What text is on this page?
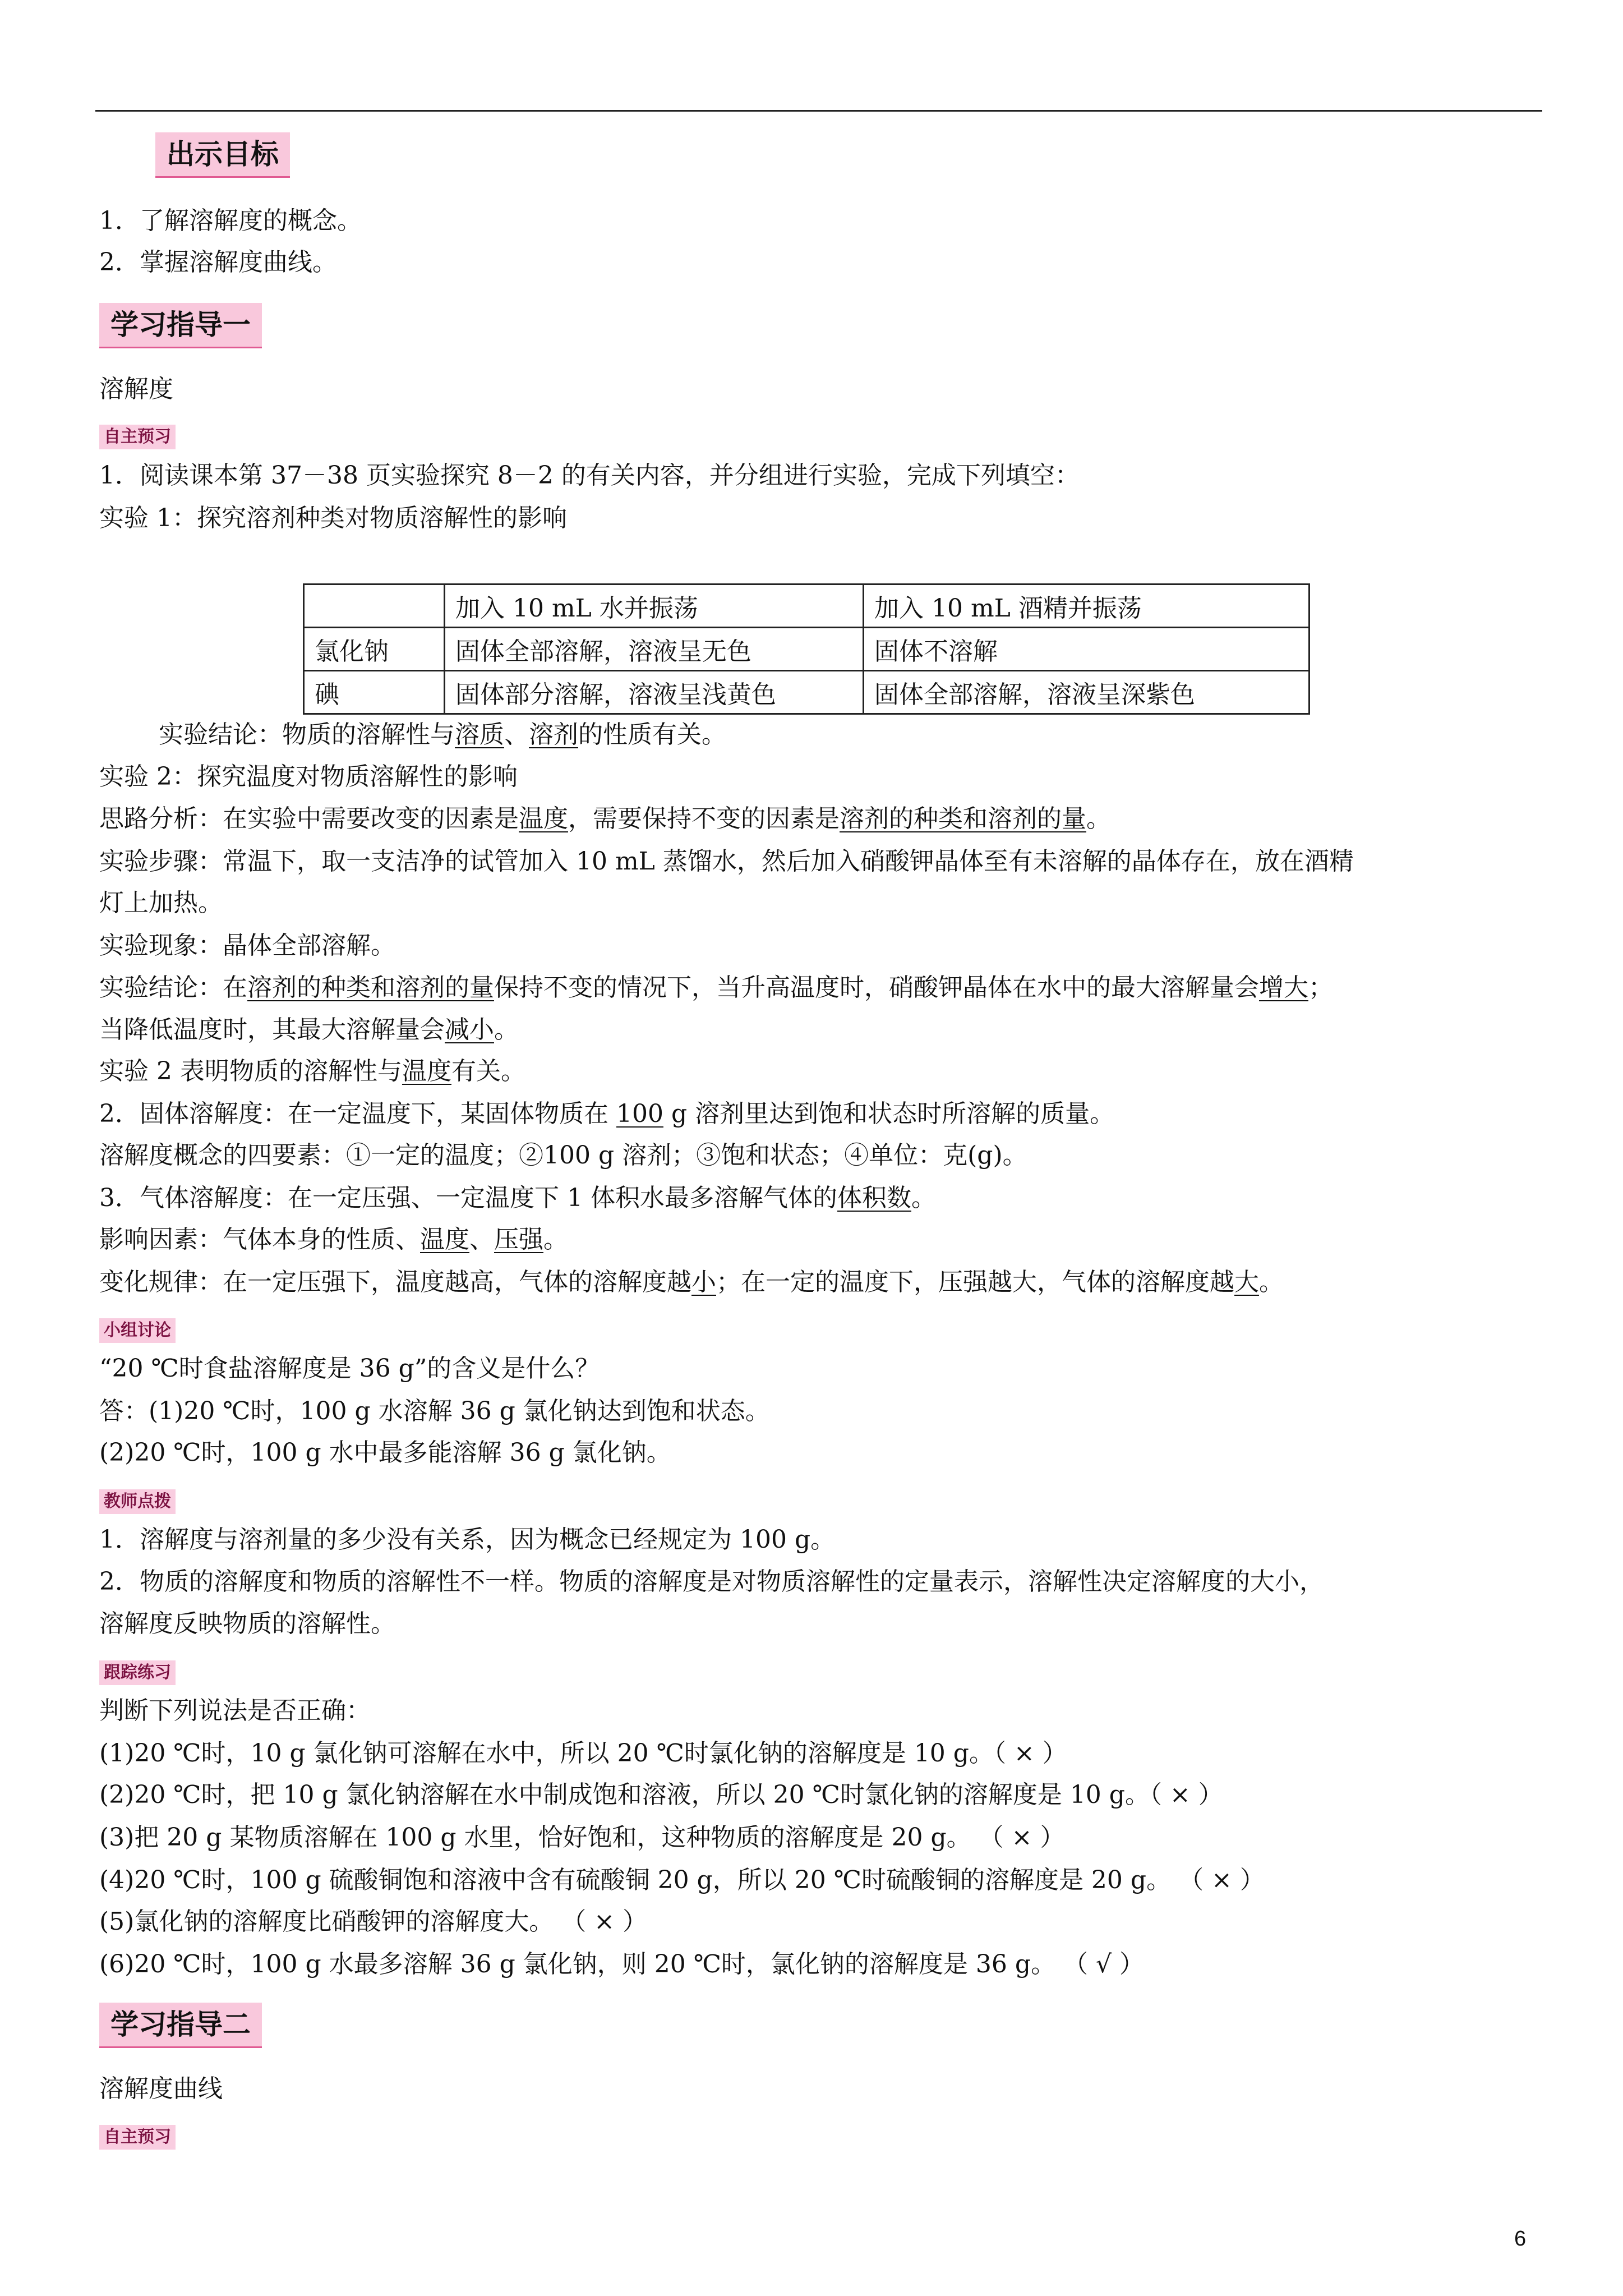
出示目标
1．了解溶解度的概念。
2．掌握溶解度曲线。
学习指导一
溶解度
自主预习
1．阅读课本第 37－38 页实验探究 8－2 的有关内容，并分组进行实验，完成下列填空：
实验 1：探究溶剂种类对物质溶解性的影响
	加入 10 mL 水并振荡	加入 10 mL 酒精并振荡
氯化钠	固体全部溶解，溶液呈无色	固体不溶解
碘	固体部分溶解，溶液呈浅黄色	固体全部溶解，溶液呈深紫色
实验结论：物质的溶解性与溶质、溶剂的性质有关。
实验 2：探究温度对物质溶解性的影响
思路分析：在实验中需要改变的因素是温度，需要保持不变的因素是溶剂的种类和溶剂的量。
实验步骤：常温下，取一支洁净的试管加入 10 mL 蒸馏水，然后加入硝酸钾晶体至有未溶解的晶体存在，放在酒精
灯上加热。
实验现象：晶体全部溶解。
实验结论：在溶剂的种类和溶剂的量保持不变的情况下，当升高温度时，硝酸钾晶体在水中的最大溶解量会增大；
当降低温度时，其最大溶解量会减小。
实验 2 表明物质的溶解性与温度有关。
2．固体溶解度：在一定温度下，某固体物质在 100 g 溶剂里达到饱和状态时所溶解的质量。
溶解度概念的四要素：①一定的温度；②100 g 溶剂；③饱和状态；④单位：克(g)。
3．气体溶解度：在一定压强、一定温度下 1 体积水最多溶解气体的体积数。
影响因素：气体本身的性质、温度、压强。
变化规律：在一定压强下，温度越高，气体的溶解度越小；在一定的温度下，压强越大，气体的溶解度越大。
小组讨论
“20 ℃时食盐溶解度是 36 g”的含义是什么？
答：(1)20 ℃时，100 g 水溶解 36 g 氯化钠达到饱和状态。
(2)20 ℃时，100 g 水中最多能溶解 36 g 氯化钠。
教师点拨
1．溶解度与溶剂量的多少没有关系，因为概念已经规定为 100 g。
2．物质的溶解度和物质的溶解性不一样。物质的溶解度是对物质溶解性的定量表示，溶解性决定溶解度的大小，
溶解度反映物质的溶解性。
跟踪练习
判断下列说法是否正确：
(1)20 ℃时，10 g 氯化钠可溶解在水中，所以 20 ℃时氯化钠的溶解度是 10 g。（ × ）
(2)20 ℃时，把 10 g 氯化钠溶解在水中制成饱和溶液，所以 20 ℃时氯化钠的溶解度是 10 g。（ × ）
(3)把 20 g 某物质溶解在 100 g 水里，恰好饱和，这种物质的溶解度是 20 g。 （ × ）
(4)20 ℃时，100 g 硫酸铜饱和溶液中含有硫酸铜 20 g，所以 20 ℃时硫酸铜的溶解度是 20 g。 （ × ）
(5)氯化钠的溶解度比硝酸钾的溶解度大。 （ × ）
(6)20 ℃时，100 g 水最多溶解 36 g 氯化钠，则 20 ℃时，氯化钠的溶解度是 36 g。 （ √ ）
学习指导二
溶解度曲线
自主预习
6
